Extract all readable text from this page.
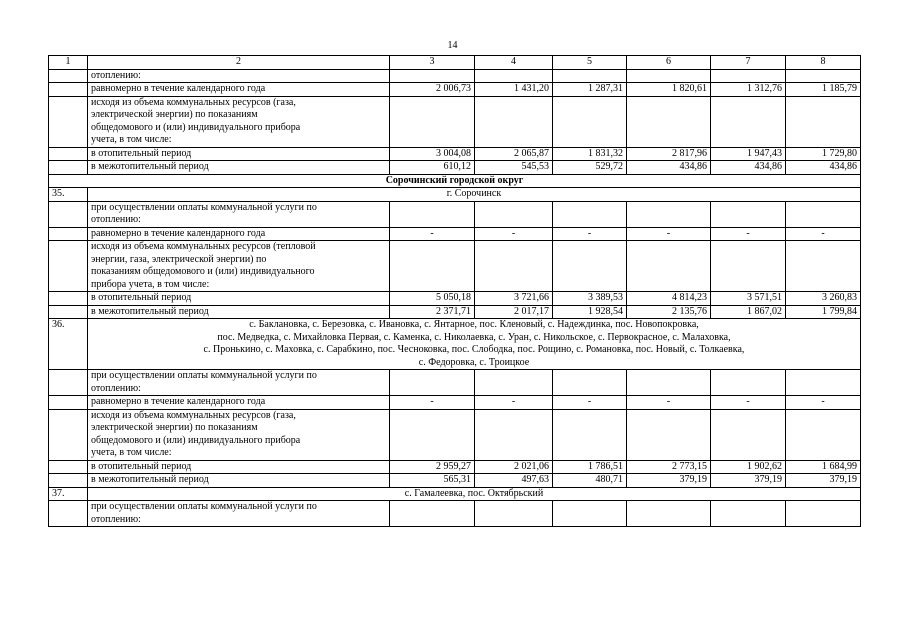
14
1	2	3	4	5	6	7	8

	отоплению:						

	равномерно в течение календарного года	2 006,73	1 431,20	1 287,31	1 820,61	1 312,76	1 185,79

	исходя из объема коммунальных ресурсов (газа,
электрической энергии) по показаниям
общедомового и (или) индивидуального прибора
учета, в том числе:						

	в отопительный период	3 004,08	2 065,87	1 831,32	2 817,96	1 947,43	1 729,80
	в межотопительный период	610,12	545,53	529,72	434,86	434,86	434,86
Сорочинский городской округ							
35.	г. Сорочинск						

	при осуществлении оплаты коммунальной услуги по
отоплению:						

	равномерно в течение календарного года	-	-	-	-	-	-

	исходя из объема коммунальных ресурсов (тепловой
энергии, газа, электрической энергии) по
показаниям общедомового и (или) индивидуального
прибора учета, в том числе:						

	в отопительный период	5 050,18	3 721,66	3 389,53	4 814,23	3 571,51	3 260,83
	в межотопительный период	2 371,71	2 017,17	1 928,54	2 135,76	1 867,02	1 799,84
36.	с. Баклановка, с. Березовка, с. Ивановка, с. Янтарное, пос. Кленовый, с. Надеждинка, пос. Новопокровка,
пос. Медведка, с. Михайловка Первая, с. Каменка, с. Николаевка, с. Уран, с. Никольское, с. Первокрасное, с. Малаховка,
с. Пронькино, с. Маховка, с. Сарабкино, пос. Чесноковка, пос. Слободка, пос. Рощино, с. Романовка, пос. Новый, с. Толкаевка,
с. Федоровка, с. Троицкое						

	при осуществлении оплаты коммунальной услуги по
отоплению:						

	равномерно в течение календарного года	-	-	-	-	-	-

	исходя из объема коммунальных ресурсов (газа,
электрической энергии) по показаниям
общедомового и (или) индивидуального прибора
учета, в том числе:						

	в отопительный период	2 959,27	2 021,06	1 786,51	2 773,15	1 902,62	1 684,99
	в межотопительный период	565,31	497,63	480,71	379,19	379,19	379,19
37.	с. Гамалеевка, пос. Октябрьский						

	при осуществлении оплаты коммунальной услуги по
отоплению:						
